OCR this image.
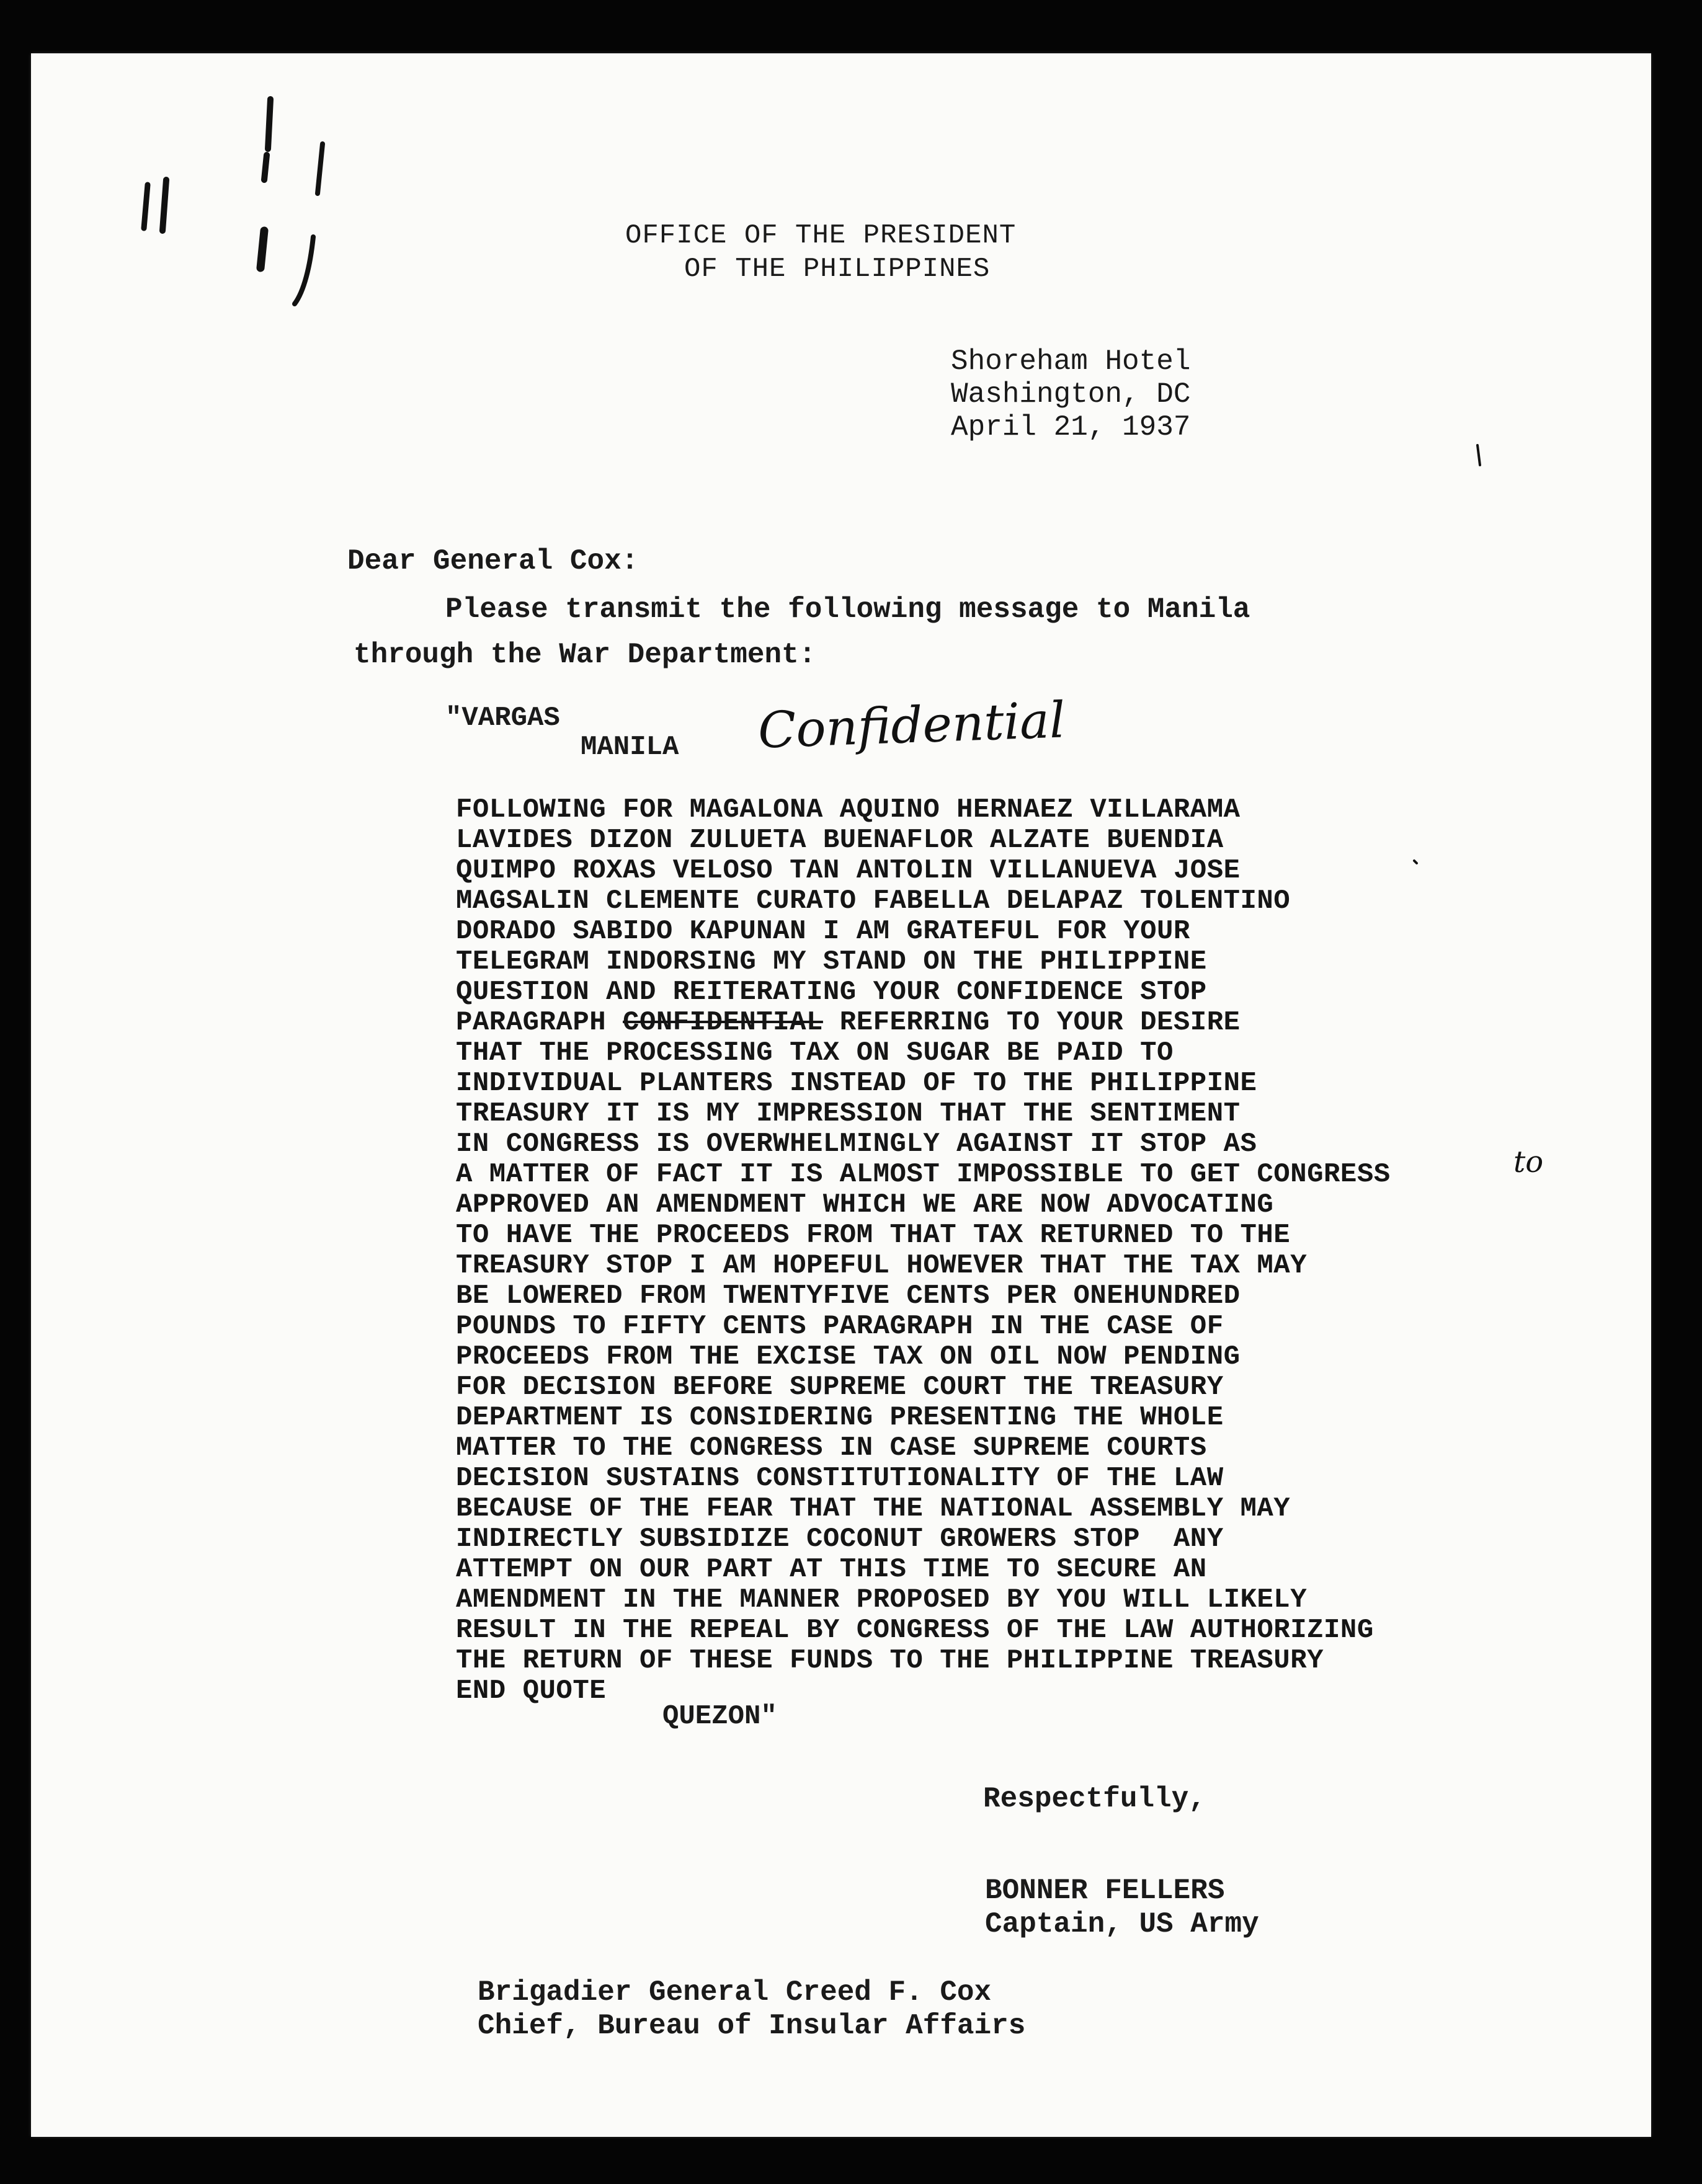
OFFICE OF THE PRESIDENT
OF THE PHILIPPINES
Shoreham Hotel
Washington, DC
April 21, 1937
Dear General Cox:
Please transmit the following message to Manila
through the War Department:
"VARGAS
MANILA Confidential
FOLLOWING FOR MAGALONA AQUINO HERNAEZ VILLARAMA
LAVIDES DIZON ZULUETA BUENAFLOR ALZATE BUENDIA
QUIMPO ROXAS VELOSO TAN ANTOLIN VILLANUEVA JOSE
MAGSALIN CLEMENTE CURATO FABELLA DELAPAZ TOLENTINO
DORADO SABIDO KAPUNAN I AM GRATEFUL FOR YOUR
TELEGRAM INDORSING MY STAND ON THE PHILIPPINE
QUESTION AND REITERATING YOUR CONFIDENCE STOP
PARAGRAPH CONFIDENTIAL REFERRING TO YOUR DESIRE
THAT THE PROCESSING TAX ON SUGAR BE PAID TO
INDIVIDUAL PLANTERS INSTEAD OF TO THE PHILIPPINE
TREASURY IT IS MY IMPRESSION THAT THE SENTIMENT
IN CONGRESS IS OVERWHELMINGLY AGAINST IT STOP AS
A MATTER OF FACT IT IS ALMOST IMPOSSIBLE TO GET CONGRESS
APPROVED AN AMENDMENT WHICH WE ARE NOW ADVOCATING
TO HAVE THE PROCEEDS FROM THAT TAX RETURNED TO THE
TREASURY STOP I AM HOPEFUL HOWEVER THAT THE TAX MAY
BE LOWERED FROM TWENTYFIVE CENTS PER ONEHUNDRED
POUNDS TO FIFTY CENTS PARAGRAPH IN THE CASE OF
PROCEEDS FROM THE EXCISE TAX ON OIL NOW PENDING
FOR DECISION BEFORE SUPREME COURT THE TREASURY
DEPARTMENT IS CONSIDERING PRESENTING THE WHOLE
MATTER TO THE CONGRESS IN CASE SUPREME COURTS
DECISION SUSTAINS CONSTITUTIONALITY OF THE LAW
BECAUSE OF THE FEAR THAT THE NATIONAL ASSEMBLY MAY
INDIRECTLY SUBSIDIZE COCONUT GROWERS STOP  ANY
ATTEMPT ON OUR PART AT THIS TIME TO SECURE AN
AMENDMENT IN THE MANNER PROPOSED BY YOU WILL LIKELY
RESULT IN THE REPEAL BY CONGRESS OF THE LAW AUTHORIZING
THE RETURN OF THESE FUNDS TO THE PHILIPPINE TREASURY
END QUOTE
to
QUEZON"
Respectfully,
BONNER FELLERS
Captain, US Army
Brigadier General Creed F. Cox
Chief, Bureau of Insular Affairs
